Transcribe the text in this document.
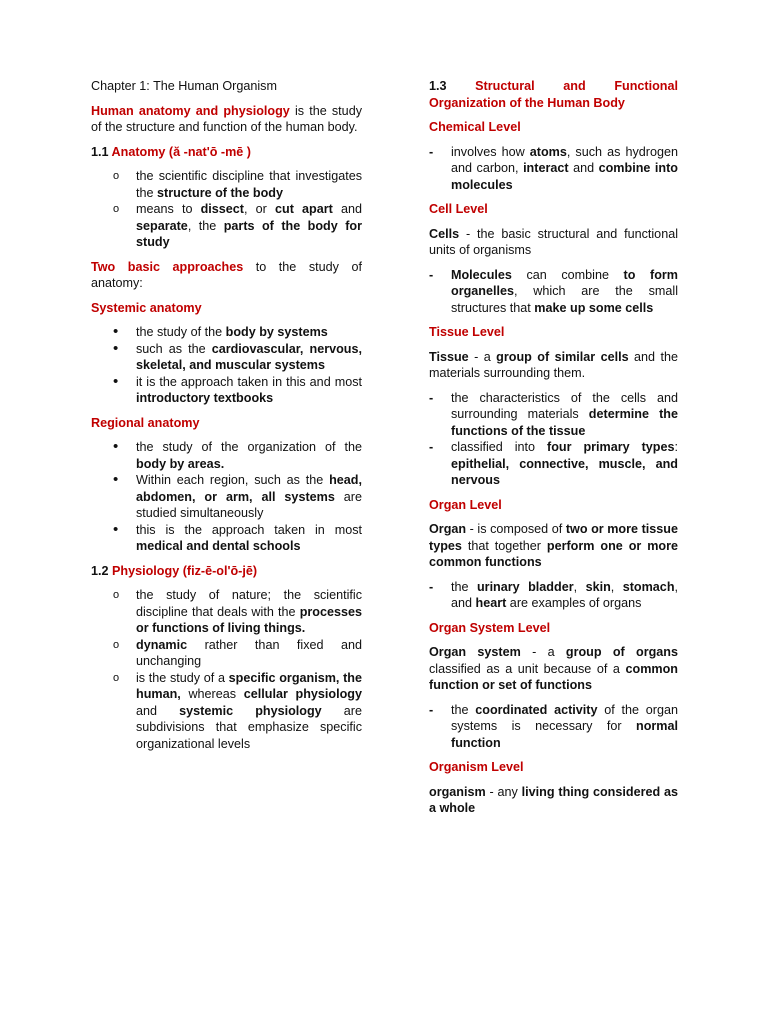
Chapter 1: The Human Organism
Human anatomy and physiology is the study of the structure and function of the human body.
1.1 Anatomy (ă -nat'ō -mē )
o	the scientific discipline that investigates the structure of the body
o	means to dissect, or cut apart and separate, the parts of the body for study
Two basic approaches to the study of anatomy:
Systemic anatomy
•	the study of the body by systems
•	such as the cardiovascular, nervous, skeletal, and muscular systems
•	it is the approach taken in this and most introductory textbooks
Regional anatomy
•	the study of the organization of the body by areas.
•	Within each region, such as the head, abdomen, or arm, all systems are studied simultaneously
•	this is the approach taken in most medical and dental schools
1.2 Physiology (fiz-ē-ol'ō-jē)
o	the study of nature; the scientific discipline that deals with the processes or functions of living things.
o	dynamic rather than fixed and unchanging
o	is the study of a specific organism, the human, whereas cellular physiology and systemic physiology are subdivisions that emphasize specific organizational levels
1.3 Structural and Functional Organization of the Human Body
Chemical Level
-	involves how atoms, such as hydrogen and carbon, interact and combine into molecules
Cell Level
Cells - the basic structural and functional units of organisms
-	Molecules can combine to form organelles, which are the small structures that make up some cells
Tissue Level
Tissue - a group of similar cells and the materials surrounding them.
-	the characteristics of the cells and surrounding materials determine the functions of the tissue
-	classified into four primary types: epithelial, connective, muscle, and nervous
Organ Level
Organ - is composed of two or more tissue types that together perform one or more common functions
-	the urinary bladder, skin, stomach, and heart are examples of organs
Organ System Level
Organ system - a group of organs classified as a unit because of a common function or set of functions
-	the coordinated activity of the organ systems is necessary for normal function
Organism Level
organism - any living thing considered as a whole
